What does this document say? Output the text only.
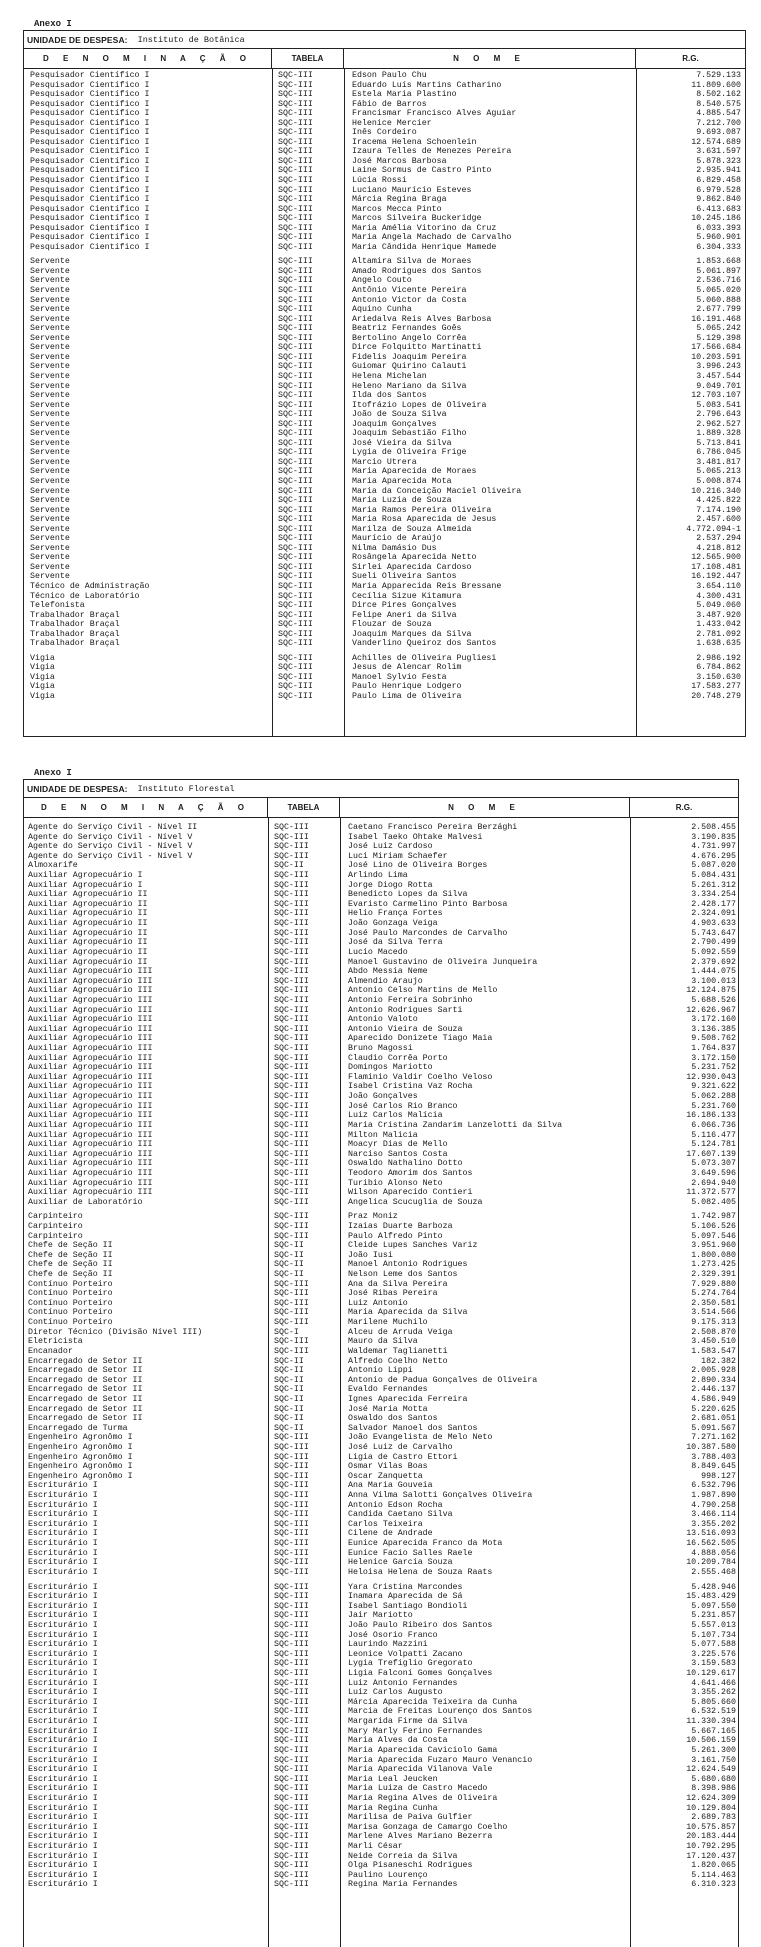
Anexo I
UNIDADE DE DESPESA: Instituto de Botânica
D E N O M I N A Ç Ã O	TABELA	N O M E	R.G.
Pesquisador Científico I	SQC-III	Edson Paulo Chu	7.529.133
Pesquisador Científico I	SQC-III	Eduardo Luís Martins Catharino	11.809.600
Pesquisador Científico I	SQC-III	Estela Maria Plastino	8.502.162
Pesquisador Científico I	SQC-III	Fábio de Barros	8.540.575
Pesquisador Científico I	SQC-III	Francismar Francisco Alves Aguiar	4.885.547
Pesquisador Científico I	SQC-III	Helenice Mercier	7.212.700
Pesquisador Científico I	SQC-III	Inês Cordeiro	9.693.087
Pesquisador Científico I	SQC-III	Iracema Helena Schoenlein	12.574.689
Pesquisador Científico I	SQC-III	Izaura Telles de Menezes Pereira	3.631.597
Pesquisador Científico I	SQC-III	José Marcos Barbosa	5.878.323
Pesquisador Científico I	SQC-III	Laine Sormus de Castro Pinto	2.935.941
Pesquisador Científico I	SQC-III	Lúcia Rossi	6.829.458
Pesquisador Científico I	SQC-III	Luciano Maurício Esteves	6.979.528
Pesquisador Científico I	SQC-III	Márcia Regina Braga	9.862.840
Pesquisador Científico I	SQC-III	Marcos Mecca Pinto	6.413.683
Pesquisador Científico I	SQC-III	Marcos Silveira Buckeridge	10.245.186
Pesquisador Científico I	SQC-III	Maria Amélia Vitorino da Cruz	6.033.393
Pesquisador Científico I	SQC-III	Maria Angela Machado de Carvalho	5.960.901
Pesquisador Científico I	SQC-III	Maria Cândida Henrique Mamede	6.304.333
Servente	SQC-III	Altamira Silva de Moraes	1.853.668
Servente	SQC-III	Amado Rodrigues dos Santos	5.061.897
Servente	SQC-III	Angelo Couto	2.536.716
Servente	SQC-III	Antônio Vicente Pereira	5.065.020
Servente	SQC-III	Antonio Victor da Costa	5.060.888
Servente	SQC-III	Aquino Cunha	2.677.799
Servente	SQC-III	Ariedalva Reis Alves Barbosa	16.191.468
Servente	SQC-III	Beatriz Fernandes Goês	5.065.242
Servente	SQC-III	Bertolino Angelo Corrêa	5.129.398
Servente	SQC-III	Dirce Folquitto Martinatti	17.566.684
Servente	SQC-III	Fidelis Joaquim Pereira	10.203.591
Servente	SQC-III	Guiomar Quirino Calauti	3.996.243
Servente	SQC-III	Helena Michelan	3.457.544
Servente	SQC-III	Heleno Mariano da Silva	9.049.701
Servente	SQC-III	Ilda dos Santos	12.703.107
Servente	SQC-III	Itofrázio Lopes de Oliveira	5.083.541
Servente	SQC-III	João de Souza Silva	2.796.643
Servente	SQC-III	Joaquim Gonçalves	2.962.527
Servente	SQC-III	Joaquim Sebastião Filho	1.889.328
Servente	SQC-III	José Vieira da Silva	5.713.841
Servente	SQC-III	Lygia de Oliveira Frige	6.786.045
Servente	SQC-III	Marcio Utrera	3.481.817
Servente	SQC-III	Maria Aparecida de Moraes	5.065.213
Servente	SQC-III	Maria Aparecida Mota	5.008.874
Servente	SQC-III	Maria da Conceição Maciel Oliveira	10.216.340
Servente	SQC-III	Maria Luzia de Souza	4.425.822
Servente	SQC-III	Maria Ramos Pereira Oliveira	7.174.190
Servente	SQC-III	Maria Rosa Aparecida de Jesus	2.457.600
Servente	SQC-III	Marilza de Souza Almeida	4.772.094-1
Servente	SQC-III	Maurício de Araújo	2.537.294
Servente	SQC-III	Nilma Damásio Dus	4.218.812
Servente	SQC-III	Rosângela Aparecida Netto	12.565.900
Servente	SQC-III	Sirlei Aparecida Cardoso	17.108.481
Servente	SQC-III	Sueli Oliveira Santos	16.192.447
Técnico de Administração	SQC-III	Maria Apparecida Reis Bressane	3.654.110
Técnico de Laboratório	SQC-III	Cecília Sizue Kitamura	4.300.431
Telefonista	SQC-III	Dirce Pires Gonçalves	5.049.060
Trabalhador Braçal	SQC-III	Felipe Aneri da Silva	3.487.920
Trabalhador Braçal	SQC-III	Flouzar de Souza	1.433.042
Trabalhador Braçal	SQC-III	Joaquim Marques da Silva	2.781.092
Trabalhador Braçal	SQC-III	Vanderlino Queiroz dos Santos	1.638.635
Vigia	SQC-III	Achilles de Oliveira Pugliesi	2.986.192
Vigia	SQC-III	Jesus de Alencar Rolim	6.784.862
Vigia	SQC-III	Manoel Sylvio Festa	3.150.630
Vigia	SQC-III	Paulo Henrique Lodgero	17.583.277
Vigia	SQC-III	Paulo Lima de Oliveira	20.748.279
Anexo I
UNIDADE DE DESPESA: Instituto Florestal
D E N O M I N A Ç Ã O	TABELA	N O M E	R.G.
Agente do Serviço Civil - Nível II	SQC-III	Caetano Francisco Pereira Berzághi	2.508.455
Agente do Serviço Civil - Nível V	SQC-III	Isabel Taeko Ohtake Malvesi	3.190.835
Agente do Serviço Civil - Nível V	SQC-III	José Luiz Cardoso	4.731.997
Agente do Serviço Civil - Nível V	SQC-III	Luci Miriam Schaefer	4.676.295
Almoxarife	SQC-II	José Lino de Oliveira Borges	5.087.020
Auxiliar Agropecuário I	SQC-III	Arlindo Lima	5.084.431
Auxiliar Agropecuário I	SQC-III	Jorge Diogo Rotta	5.261.312
Auxiliar Agropecuário II	SQC-III	Benedicto Lopes da Silva	3.334.254
Auxiliar Agropecuário II	SQC-III	Evaristo Carmelino Pinto Barbosa	2.428.177
Auxiliar Agropecuário II	SQC-III	Helio França Fortes	2.324.091
Auxiliar Agropecuário II	SQC-III	João Gonzaga Veiga	4.903.633
Auxiliar Agropecuário II	SQC-III	José Paulo Marcondes de Carvalho	5.743.647
Auxiliar Agropecuário II	SQC-III	José da Silva Terra	2.790.499
Auxiliar Agropecuário II	SQC-III	Lucio Macedo	5.092.559
Auxiliar Agropecuário II	SQC-III	Manoel Gustavino de Oliveira Junqueira	2.379.692
Auxiliar Agropecuário III	SQC-III	Abdo Messia Neme	1.444.075
Auxiliar Agropecuário III	SQC-III	Almendio Araujo	3.100.013
Auxiliar Agropecuário III	SQC-III	Antonio Celso Martins de Mello	12.124.875
Auxiliar Agropecuário III	SQC-III	Antonio Ferreira Sobrinho	5.688.526
Auxiliar Agropecuário III	SQC-III	Antonio Rodrigues Sarti	12.626.967
Auxiliar Agropecuário III	SQC-III	Antonio Valoto	3.172.160
Auxiliar Agropecuário III	SQC-III	Antonio Vieira de Souza	3.136.385
Auxiliar Agropecuário III	SQC-III	Aparecido Donizete Tiago Maia	9.508.762
Auxiliar Agropecuário III	SQC-III	Bruno Magossi	1.764.837
Auxiliar Agropecuário III	SQC-III	Claudio Corrêa Porto	3.172.150
Auxiliar Agropecuário III	SQC-III	Domingos Mariotto	5.231.752
Auxiliar Agropecuário III	SQC-III	Flaminio Valdir Coelho Veloso	12.930.043
Auxiliar Agropecuário III	SQC-III	Isabel Cristina Vaz Rocha	9.321.622
Auxiliar Agropecuário III	SQC-III	João Gonçalves	5.062.288
Auxiliar Agropecuário III	SQC-III	José Carlos Rio Branco	5.231.760
Auxiliar Agropecuário III	SQC-III	Luiz Carlos Malícia	16.186.133
Auxiliar Agropecuário III	SQC-III	Maria Cristina Zandarim Lanzelotti da Silva	6.066.736
Auxiliar Agropecuário III	SQC-III	Milton Malicia	5.116.477
Auxiliar Agropecuário III	SQC-III	Moacyr Dias de Mello	5.124.781
Auxiliar Agropecuário III	SQC-III	Narciso Santos Costa	17.607.139
Auxiliar Agropecuário III	SQC-III	Oswaldo Nathalino Dotto	5.073.307
Auxiliar Agropecuário III	SQC-III	Teodoro Amorim dos Santos	3.649.596
Auxiliar Agropecuário III	SQC-III	Turibio Alonso Neto	2.694.940
Auxiliar Agropecuário III	SQC-III	Wilson Aparecido Contieri	11.372.577
Auxiliar de Laboratório	SQC-III	Angelica Scucuglia de Souza	5.082.405
Carpinteiro	SQC-III	Praz Moniz	1.742.987
Carpinteiro	SQC-III	Izaias Duarte Barboza	5.106.526
Carpinteiro	SQC-III	Paulo Alfredo Pinto	5.097.546
Chefe de Seção II	SQC-II	Cleide Lupes Sanches Variz	3.951.960
Chefe de Seção II	SQC-II	João Iusi	1.800.080
Chefe de Seção II	SQC-II	Manoel Antonio Rodrigues	1.273.425
Chefe de Seção II	SQC-II	Nelson Leme dos Santos	2.329.391
Contínuo Porteiro	SQC-III	Ana da Silva Pereira	7.929.880
Contínuo Porteiro	SQC-III	José Ribas Pereira	5.274.764
Contínuo Porteiro	SQC-III	Luiz Antonio	2.350.581
Contínuo Porteiro	SQC-III	Maria Aparecida da Silva	3.514.566
Contínuo Porteiro	SQC-III	Marilene Muchilo	9.175.313
Diretor Técnico (Divisão Nível III)	SQC-I	Alceu de Arruda Veiga	2.508.870
Eletricista	SQC-III	Mauro da Silva	3.450.510
Encanador	SQC-III	Waldemar Taglianetti	1.583.547
Encarregado de Setor II	SQC-II	Alfredo Coelho Netto	182.382
Encarregado de Setor II	SQC-II	Antonio Lippi	2.005.928
Encarregado de Setor II	SQC-II	Antonio de Padua Gonçalves de Oliveira	2.890.334
Encarregado de Setor II	SQC-II	Evaldo Fernandes	2.446.137
Encarregado de Setor II	SQC-II	Ignes Aparecida Ferreira	4.586.949
Encarregado de Setor II	SQC-II	José Maria Motta	5.220.625
Encarregado de Setor II	SQC-II	Oswaldo dos Santos	2.681.051
Encarregado de Turma	SQC-II	Salvador Manoel dos Santos	5.091.567
Engenheiro Agronômo I	SQC-III	João Evangelista de Melo Neto	7.271.162
Engenheiro Agronômo I	SQC-III	José Luiz de Carvalho	10.387.580
Engenheiro Agronômo I	SQC-III	Ligia de Castro Ettori	3.788.403
Engenheiro Agronômo I	SQC-III	Osmar Vilas Boas	8.849.645
Engenheiro Agronômo I	SQC-III	Oscar Zanquetta	998.127
Escriturário I	SQC-III	Ana Maria Gouveia	6.532.796
Escriturário I	SQC-III	Anna Vilma Salotti Gonçalves Oliveira	1.987.890
Escriturário I	SQC-III	Antonio Edson Rocha	4.790.258
Escriturário I	SQC-III	Candida Caetano Silva	3.466.114
Escriturário I	SQC-III	Carlos Teixeira	3.355.202
Escriturário I	SQC-III	Cilene de Andrade	13.516.093
Escriturário I	SQC-III	Eunice Aparecida Franco da Mota	16.562.505
Escriturário I	SQC-III	Eunice Facio Salles Raele	4.888.056
Escriturário I	SQC-III	Helenice Garcia Souza	10.209.784
Escriturário I	SQC-III	Heloisa Helena de Souza Raats	2.555.468
Escriturário I	SQC-III	Yara Cristina Marcondes	5.428.946
Escriturário I	SQC-III	Inamara Aparecida de Sá	15.483.429
Escriturário I	SQC-III	Isabel Santiago Bondioli	5.097.550
Escriturário I	SQC-III	Jair Mariotto	5.231.857
Escriturário I	SQC-III	João Paulo Ribeiro dos Santos	5.557.013
Escriturário I	SQC-III	José Osorio Franco	5.107.734
Escriturário I	SQC-III	Laurindo Mazzini	5.077.588
Escriturário I	SQC-III	Leonice Volpatti Zacano	3.225.576
Escriturário I	SQC-III	Lygia Trefiglio Gregorato	3.159.583
Escriturário I	SQC-III	Ligia Falconi Gomes Gonçalves	10.129.617
Escriturário I	SQC-III	Luiz Antonio Fernandes	4.641.466
Escriturário I	SQC-III	Luiz Carlos Augusto	3.355.262
Escriturário I	SQC-III	Márcia Aparecida Teixeira da Cunha	5.805.660
Escriturário I	SQC-III	Marcia de Freitas Lourenço dos Santos	6.532.519
Escriturário I	SQC-III	Margarida Firme da Silva	11.330.394
Escriturário I	SQC-III	Mary Marly Ferino Fernandes	5.667.165
Escriturário I	SQC-III	Maria Alves da Costa	10.506.159
Escriturário I	SQC-III	Maria Aparecida Caviciolo Gama	5.261.300
Escriturário I	SQC-III	Maria Aparecida Fuzaro Mauro Venancio	3.161.750
Escriturário I	SQC-III	Maria Aparecida Vilanova Vale	12.624.549
Escriturário I	SQC-III	Maria Leal Jeucken	5.680.680
Escriturário I	SQC-III	Maria Luiza de Castro Macedo	8.398.986
Escriturário I	SQC-III	Maria Regina Alves de Oliveira	12.624.309
Escriturário I	SQC-III	Maria Regina Cunha	10.129.804
Escriturário I	SQC-III	Marilisa de Paiva Gulfier	2.689.783
Escriturário I	SQC-III	Marisa Gonzaga de Camargo Coelho	10.575.857
Escriturário I	SQC-III	Marlene Alves Mariano Bezerra	20.183.444
Escriturário I	SQC-III	Marli César	10.792.295
Escriturário I	SQC-III	Neide Correia da Silva	17.120.437
Escriturário I	SQC-III	Olga Pisaneschi Rodrigues	1.820.065
Escriturário I	SQC-III	Paulino Lourenço	5.114.463
Escriturário I	SQC-III	Regina Maria Fernandes	6.310.323
